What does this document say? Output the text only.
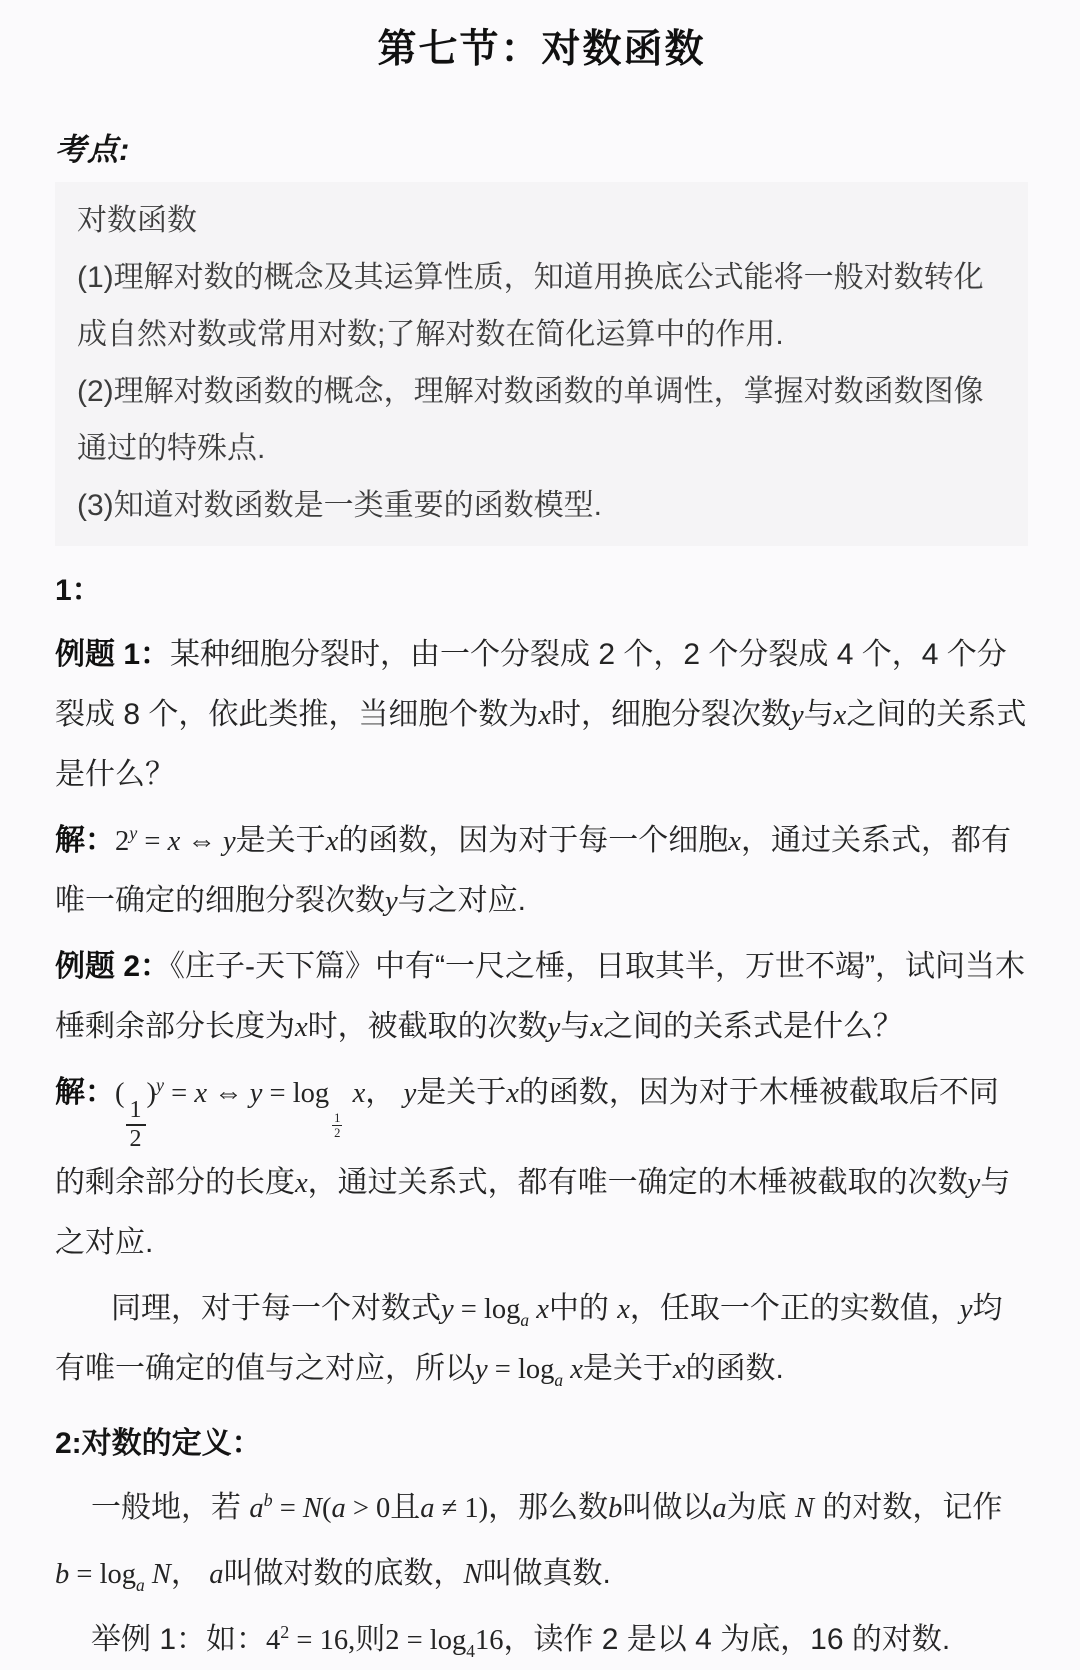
第七节：对数函数
考点:

对数函数

(1)理解对数的概念及其运算性质，知道用换底公式能将一般对数转化成自然对数或常用对数;了解对数在简化运算中的作用.

(2)理解对数函数的概念，理解对数函数的单调性，掌握对数函数图像通过的特殊点.

(3)知道对数函数是一类重要的函数模型.

1：

例题 1：某种细胞分裂时，由一个分裂成 2 个，2 个分裂成 4 个，4 个分裂成 8 个，依此类推，当细胞个数为x时，细胞分裂次数y与x之间的关系式是什么？

解：$2^y = x$ ⇔ y是关于x的函数，因为对于每一个细胞x，通过关系式，都有唯一确定的细胞分裂次数y与之对应.

例题 2：《庄子-天下篇》中有“一尺之棰，日取其半，万世不竭”，试问当木棰剩余部分长度为x时，被截取的次数y与x之间的关系式是什么？

解：(
$\frac{1}{2}$
)$^y$ = x ⇔ y = log
$\frac{1}{2}$
x， y是关于x的函数，因为对于木棰被截取后不同的剩余部分的长度x，通过关系式，都有唯一确定的木棰被截取的次数y与之对应.

同理，对于每一个对数式$y = \log_a x$中的 x，任取一个正的实数值，y均有唯一确定的值与之对应，所以$y = \log_a x$是关于x的函数.

2:对数的定义：

一般地，若 $a^b = N(a > 0$且a ≠ 1)，那么数b叫做以a为底 N 的对数，记作

$b = \log_a N$， a叫做对数的底数，N叫做真数.

举例 1：如：$4^2 = 16$,则$2 = \log_416$，读作 2 是以 4 为底，16 的对数.
